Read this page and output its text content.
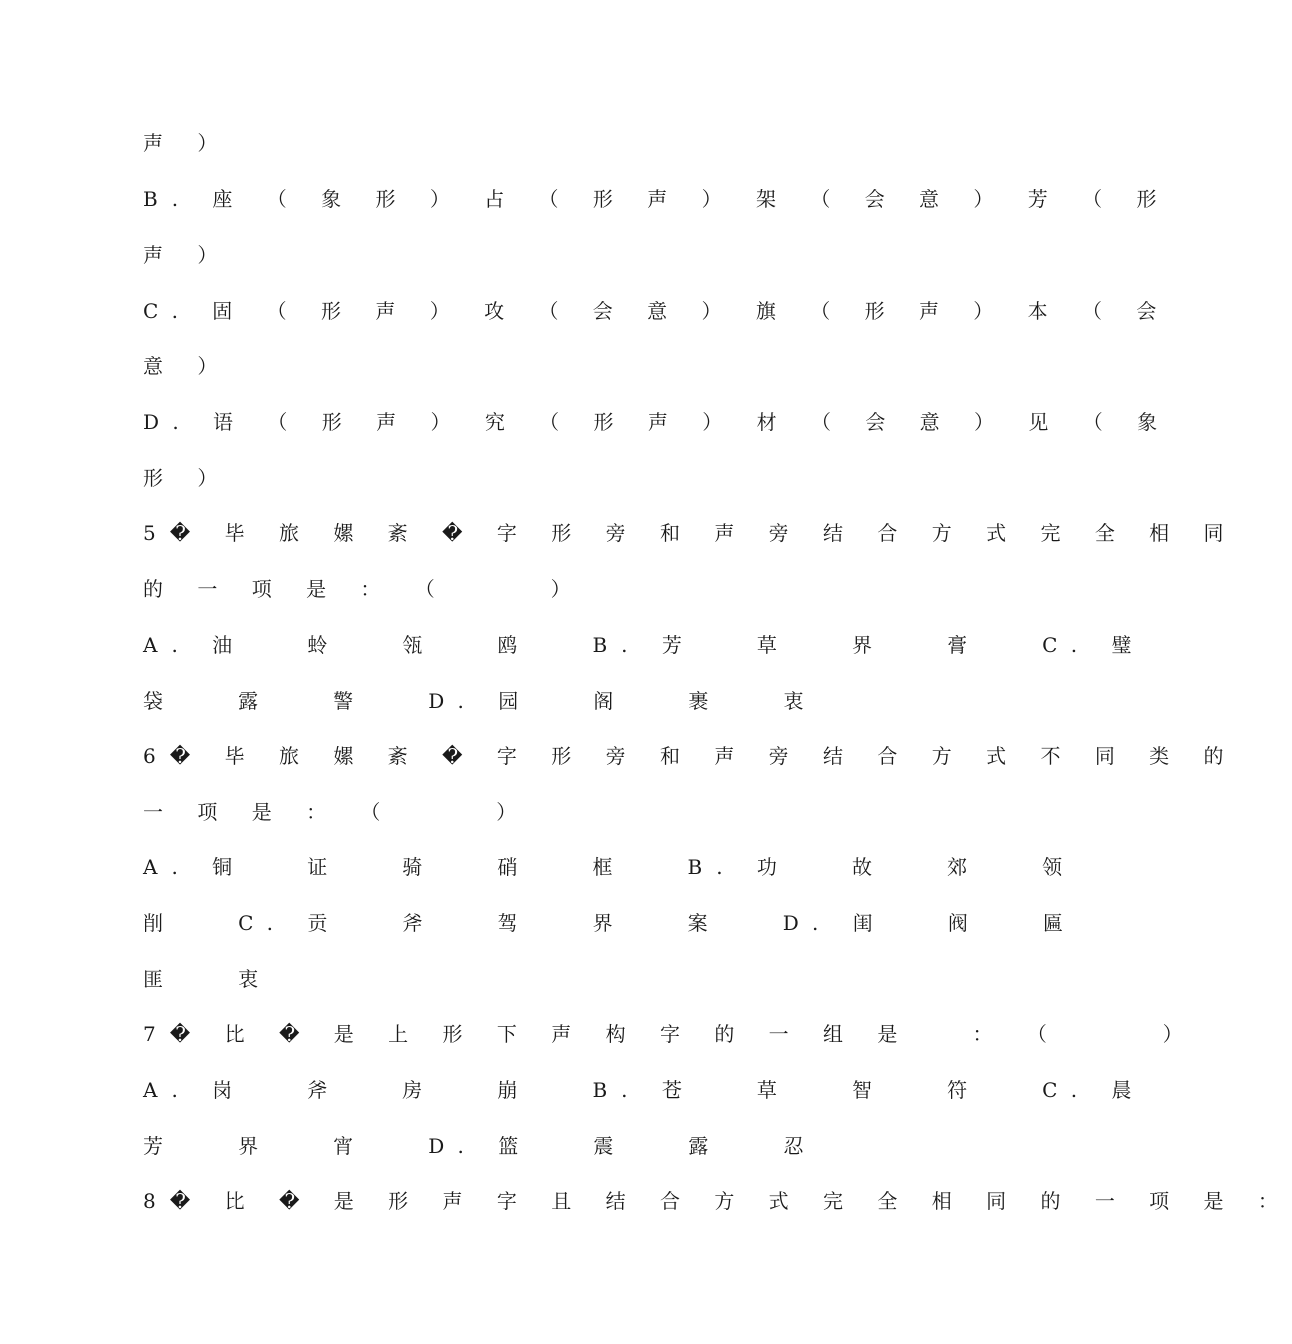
声 ）
B. 座 （ 象 形 ） 占 （ 形 声 ） 架 （ 会 意 ） 芳 （ 形
声 ）
C. 固 （ 形 声 ） 攻 （ 会 意 ） 旗 （ 形 声 ） 本 （ 会
意 ）
D. 语 （ 形 声 ） 究 （ 形 声 ） 材 （ 会 意 ） 见 （ 象
形 ）
5� 毕 旅 嫘 紊 � 字 形 旁 和 声 旁 结 合 方 式 完 全 相 同
的 一 项 是 ： （     ）
A. 油   蛉   瓴   鸥   B. 芳   草   界   膏   C. 璧
袋   露   警   D. 园   阁   裹   衷
6� 毕 旅 嫘 紊 � 字 形 旁 和 声 旁 结 合 方 式 不 同 类 的
一 项 是 ： （     ）
A. 铜   证   骑   硝   框   B. 功   故   郊   领
削   C. 贡   斧   驾   界   案   D. 闺   阀   匾
匪   衷
7� 比 � 是 上 形 下 声 构 字 的 一 组 是   ： （     ）
A. 岗   斧   房   崩   B. 苍   草   智   符   C. 晨
芳   界   宵   D. 篮   震   露   忍
8� 比 � 是 形 声 字 且 结 合 方 式 完 全 相 同 的 一 项 是 ：
